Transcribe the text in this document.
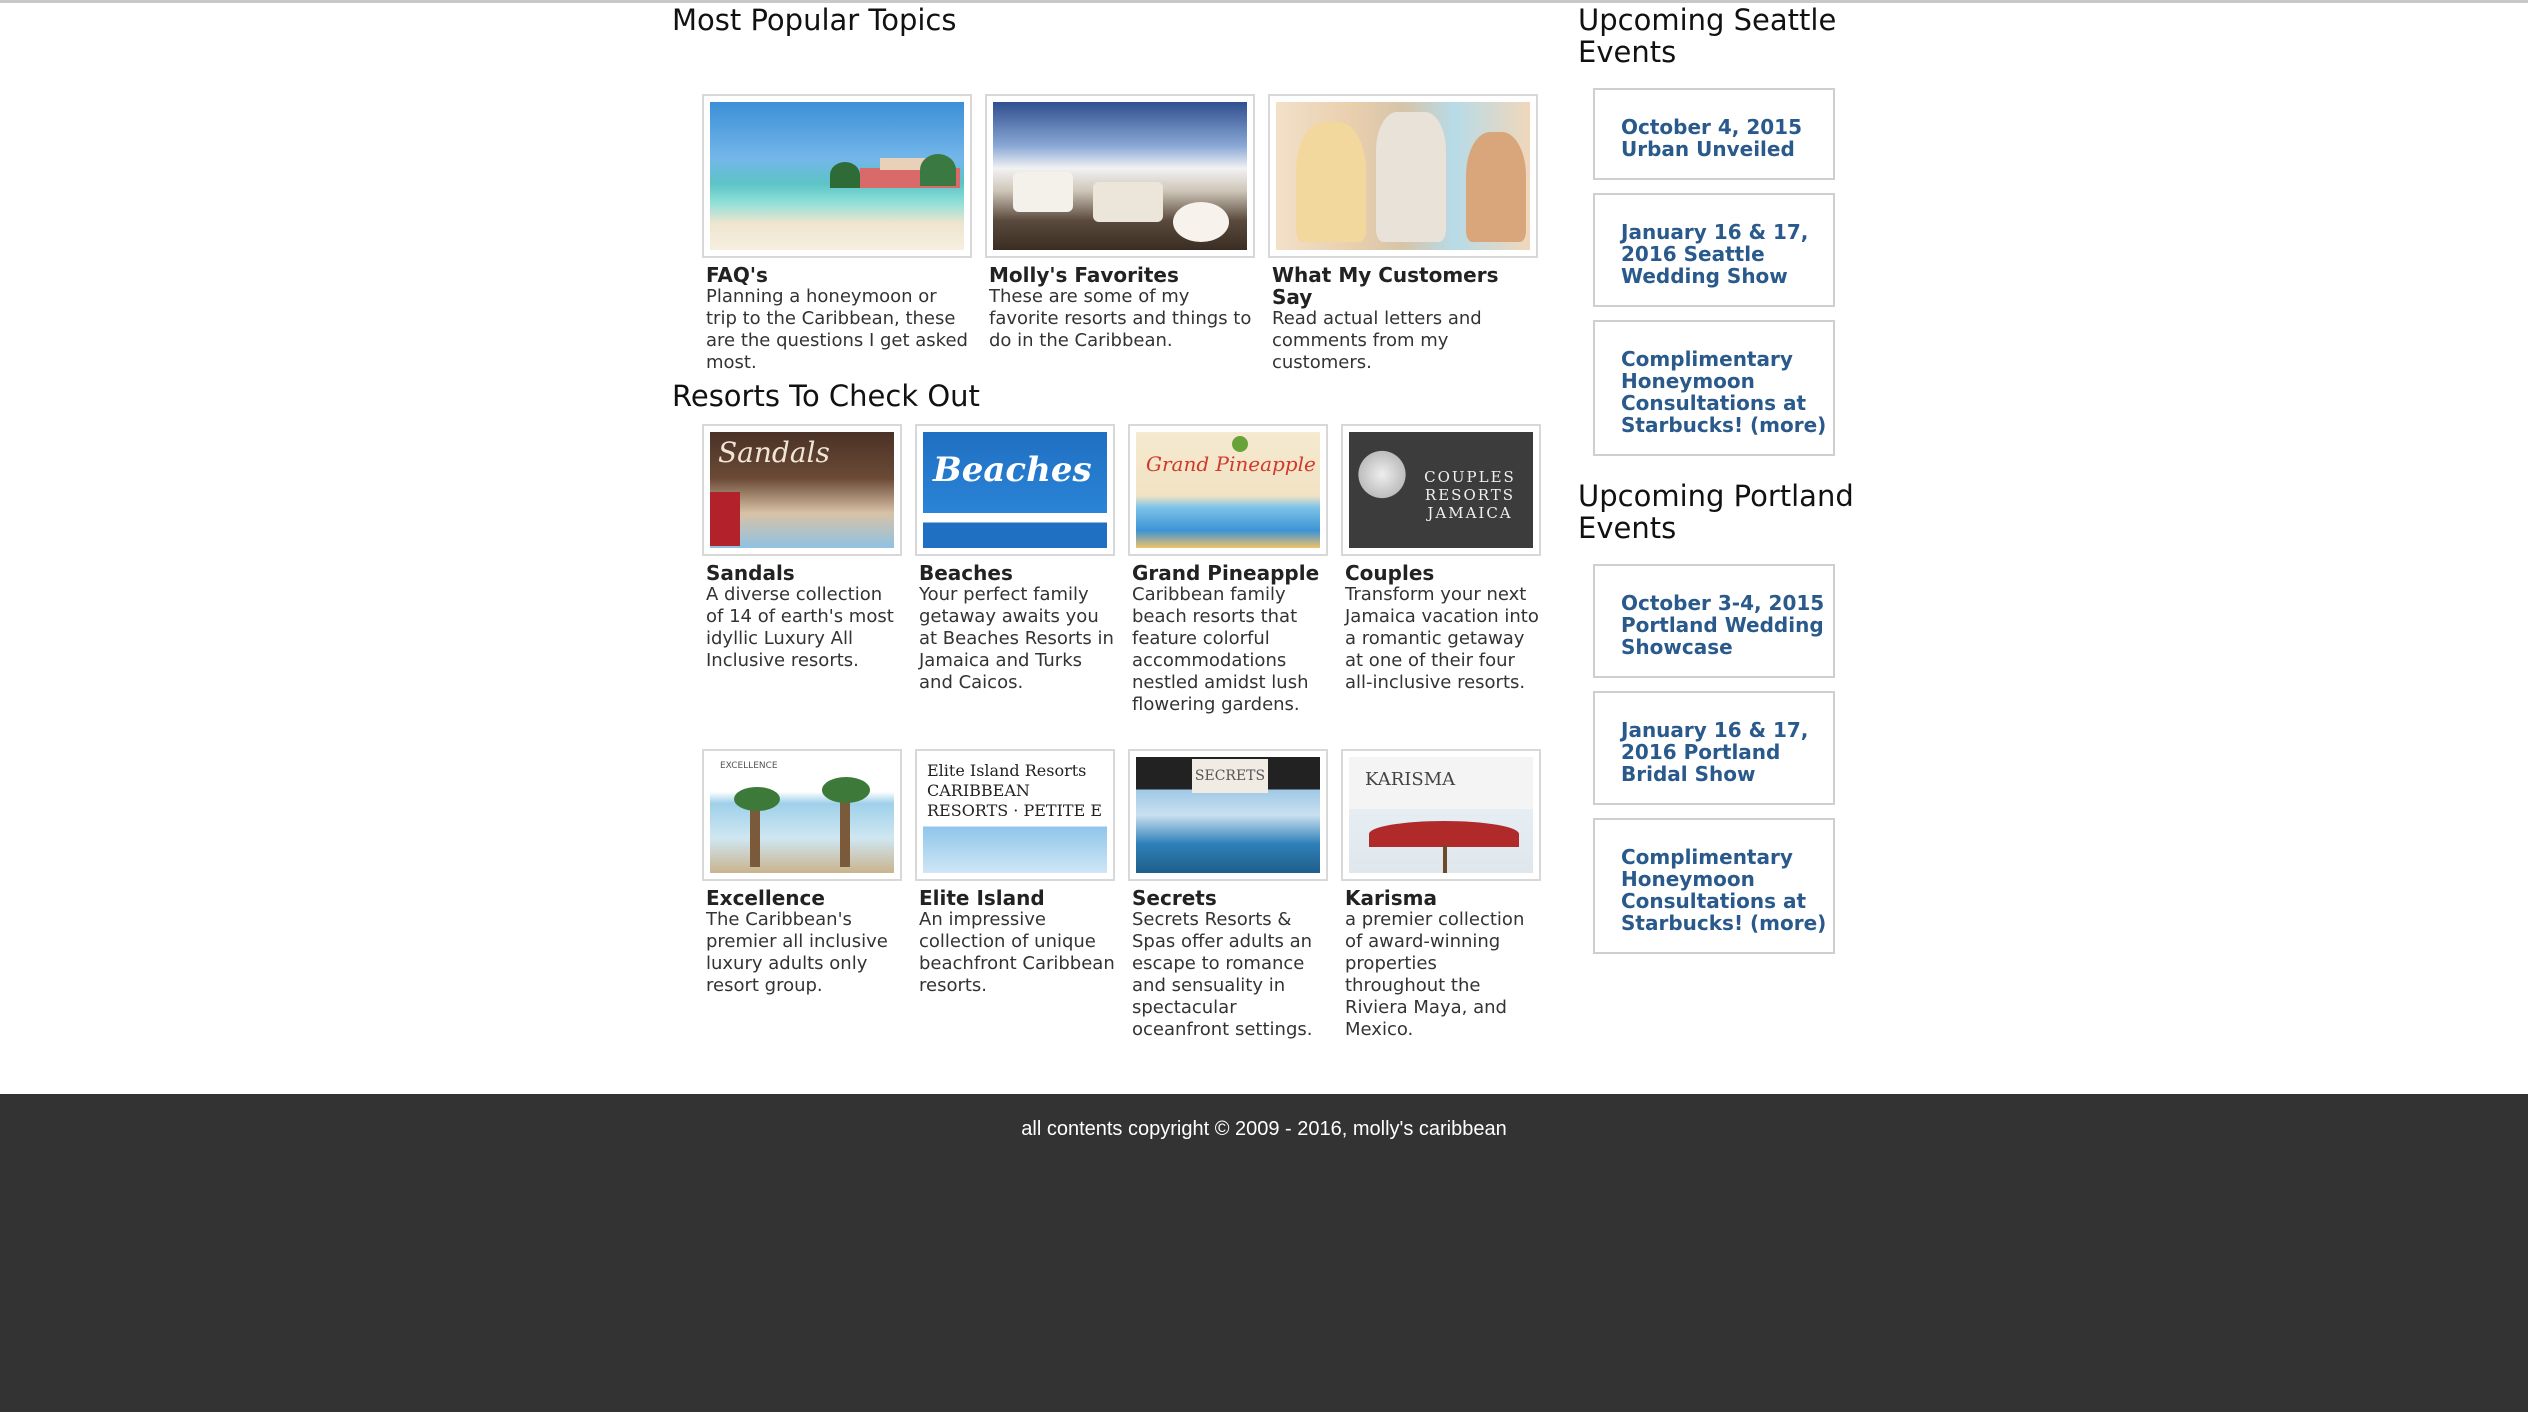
Most Popular Topics
FAQ's
Planning a honeymoon or trip to the Caribbean, these are the questions I get asked most.
Molly's Favorites
These are some of my favorite resorts and things to do in the Caribbean.
What My Customers Say
Read actual letters and comments from my customers.
Resorts To Check Out
Sandals
Sandals
A diverse collection of 14 of earth's most idyllic Luxury All Inclusive resorts.
Beaches
Beaches
Your perfect family getaway awaits you at Beaches Resorts in Jamaica and Turks and Caicos.
Grand Pineapple
Grand Pineapple
Caribbean family beach resorts that feature colorful accommodations nestled amidst lush flowering gardens.
COUPLES RESORTS JAMAICA
Couples
Transform your next Jamaica vacation into a romantic getaway at one of their four all-inclusive resorts.
EXCELLENCE
Excellence
The Caribbean's premier all inclusive luxury adults only resort group.
Elite Island Resorts CARIBBEAN RESORTS · PETITE E
Elite Island
An impressive collection of unique beachfront Caribbean resorts.
SECRETS
Secrets
Secrets Resorts & Spas offer adults an escape to romance and sensuality in spectacular oceanfront settings.
KARISMA
Karisma
a premier collection of award-winning properties throughout the Riviera Maya, and Mexico.
Upcoming Seattle Events
October 4, 2015 Urban Unveiled
January 16 & 17, 2016 Seattle Wedding Show
Complimentary Honeymoon Consultations at Starbucks! (more)
Upcoming Portland Events
October 3-4, 2015 Portland Wedding Showcase
January 16 & 17, 2016 Portland Bridal Show
Complimentary Honeymoon Consultations at Starbucks! (more)
all contents copyright © 2009 - 2016, molly's caribbean
